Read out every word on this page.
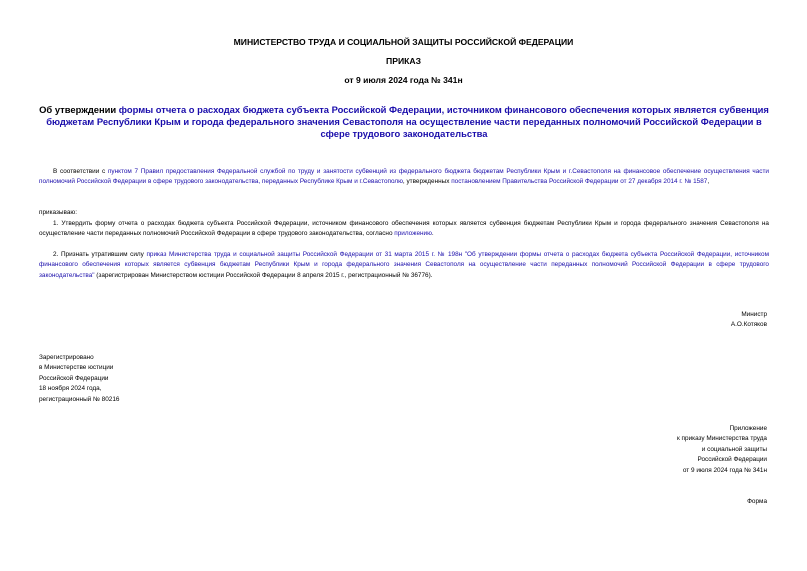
МИНИСТЕРСТВО ТРУДА И СОЦИАЛЬНОЙ ЗАЩИТЫ РОССИЙСКОЙ ФЕДЕРАЦИИ
ПРИКАЗ
от 9 июля 2024 года № 341н
Об утверждении формы отчета о расходах бюджета субъекта Российской Федерации, источником финансового обеспечения которых является субвенция бюджетам Республики Крым и города федерального значения Севастополя на осуществление части переданных полномочий Российской Федерации в сфере трудового законодательства
В соответствии с пунктом 7 Правил предоставления Федеральной службой по труду и занятости субвенций из федерального бюджета бюджетам Республики Крым и г.Севастополя на финансовое обеспечение осуществления части полномочий Российской Федерации в сфере трудового законодательства, переданных Республике Крым и г.Севастополю, утвержденных постановлением Правительства Российской Федерации от 27 декабря 2014 г. № 1587,
приказываю:
1. Утвердить форму отчета о расходах бюджета субъекта Российской Федерации, источником финансового обеспечения которых является субвенция бюджетам Республики Крым и города федерального значения Севастополя на осуществление части переданных полномочий Российской Федерации в сфере трудового законодательства, согласно приложению.
2. Признать утратившим силу приказ Министерства труда и социальной защиты Российской Федерации от 31 марта 2015 г. № 198н "Об утверждении формы отчета о расходах бюджета субъекта Российской Федерации, источником финансового обеспечения которых является субвенция бюджетам Республики Крым и города федерального значения Севастополя на осуществление части переданных полномочий Российской Федерации в сфере трудового законодательства" (зарегистрирован Министерством юстиции Российской Федерации 8 апреля 2015 г., регистрационный № 36776).
Министр
А.О.Котяков
Зарегистрировано
в Министерстве юстиции
Российской Федерации
18 ноября 2024 года,
регистрационный № 80216
Приложение
к приказу Министерства труда
и социальной защиты
Российской Федерации
от 9 июля 2024 года № 341н
Форма
